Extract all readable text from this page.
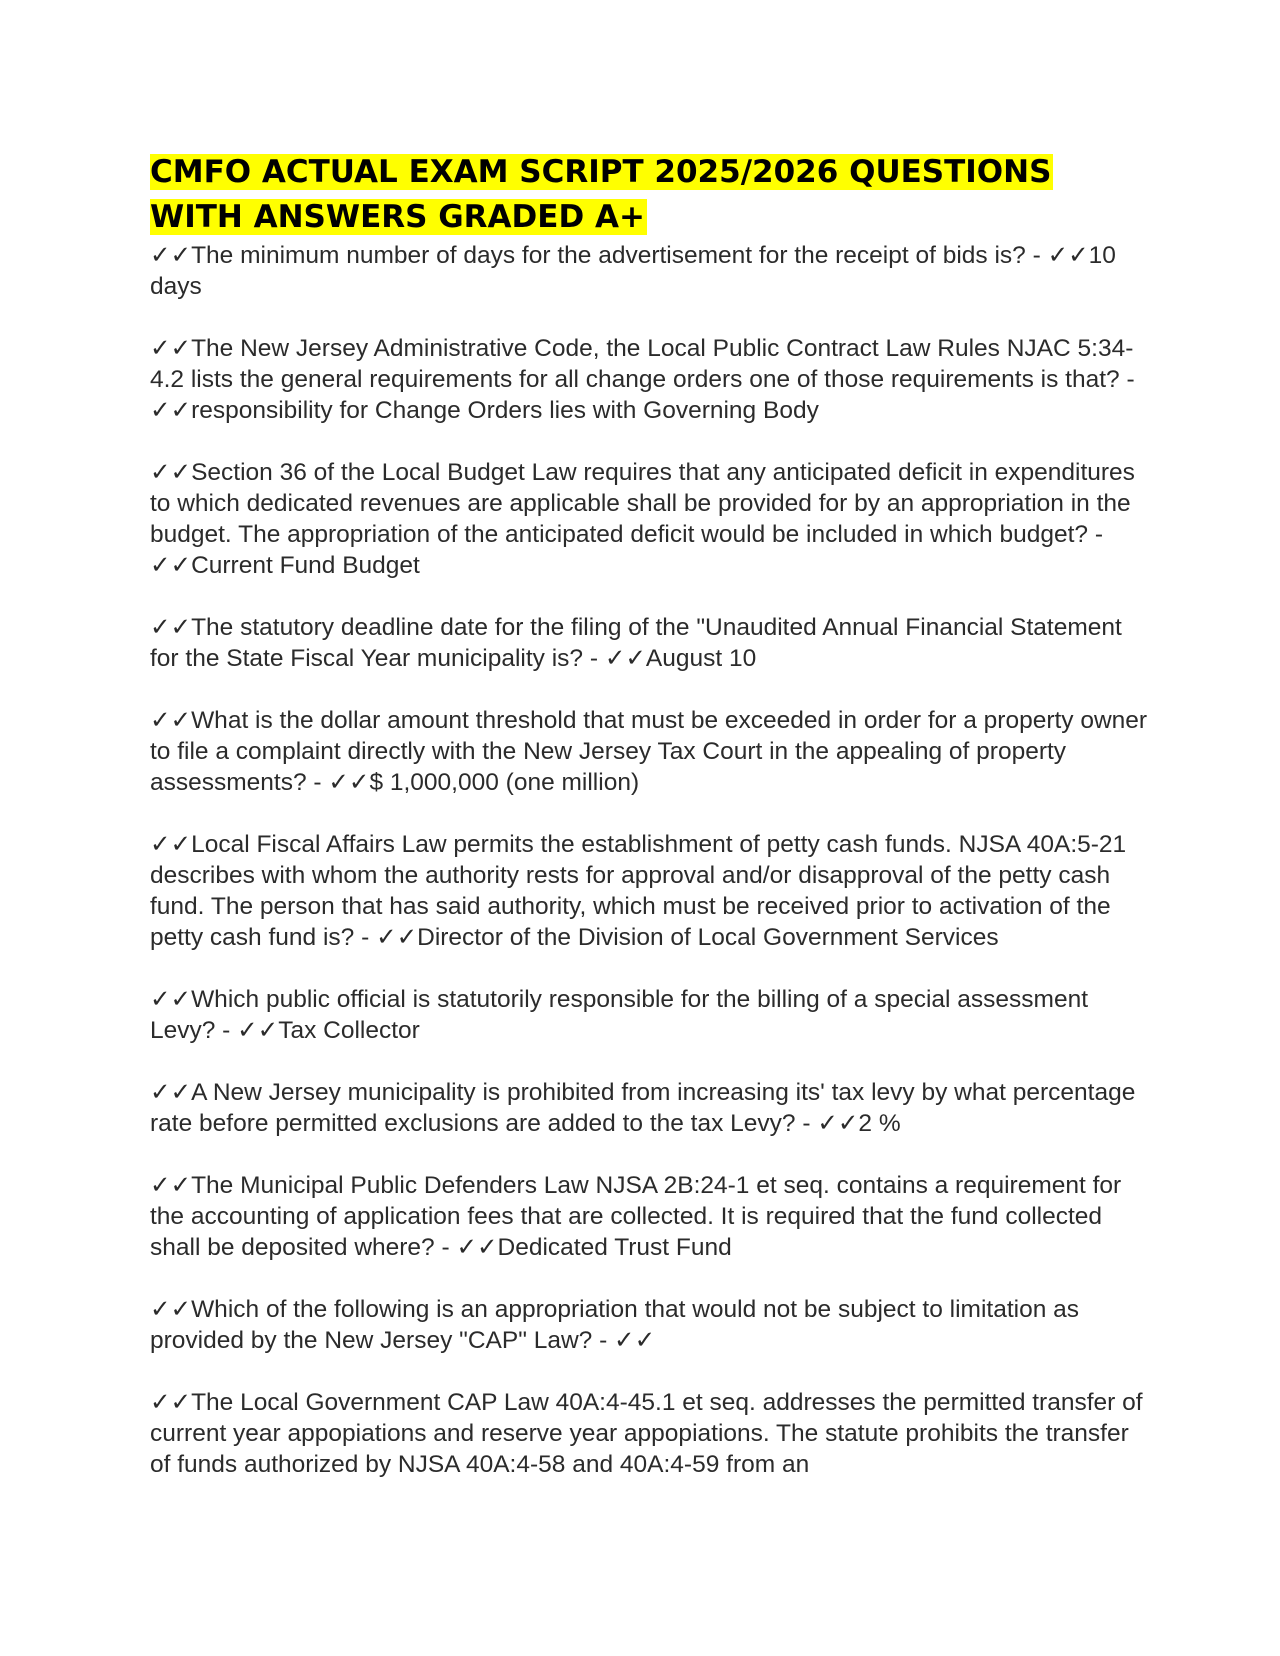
CMFO ACTUAL EXAM SCRIPT 2025/2026 QUESTIONS WITH ANSWERS GRADED A+

✓✓The minimum number of days for the advertisement for the receipt of bids is? - ✓✓10 days

✓✓The New Jersey Administrative Code, the Local Public Contract Law Rules NJAC 5:34-4.2 lists the general requirements for all change orders one of those requirements is that? - ✓✓responsibility for Change Orders lies with Governing Body

✓✓Section 36 of the Local Budget Law requires that any anticipated deficit in expenditures to which dedicated revenues are applicable shall be provided for by an appropriation in the budget. The appropriation of the anticipated deficit would be included in which budget? - ✓✓Current Fund Budget

✓✓The statutory deadline date for the filing of the "Unaudited Annual Financial Statement for the State Fiscal Year municipality is? - ✓✓August 10

✓✓What is the dollar amount threshold that must be exceeded in order for a property owner to file a complaint directly with the New Jersey Tax Court in the appealing of property assessments? - ✓✓$ 1,000,000 (one million)

✓✓Local Fiscal Affairs Law permits the establishment of petty cash funds. NJSA 40A:5-21 describes with whom the authority rests for approval and/or disapproval of the petty cash fund. The person that has said authority, which must be received prior to activation of the petty cash fund is? - ✓✓Director of the Division of Local Government Services

✓✓Which public official is statutorily responsible for the billing of a special assessment Levy? - ✓✓Tax Collector

✓✓A New Jersey municipality is prohibited from increasing its' tax levy by what percentage rate before permitted exclusions are added to the tax Levy? - ✓✓2 %

✓✓The Municipal Public Defenders Law NJSA 2B:24-1 et seq. contains a requirement for the accounting of application fees that are collected. It is required that the fund collected shall be deposited where? - ✓✓Dedicated Trust Fund

✓✓Which of the following is an appropriation that would not be subject to limitation as provided by the New Jersey "CAP" Law? - ✓✓

✓✓The Local Government CAP Law 40A:4-45.1 et seq. addresses the permitted transfer of current year appopiations and reserve year appopiations. The statute prohibits the transfer of funds authorized by NJSA 40A:4-58 and 40A:4-59 from an
